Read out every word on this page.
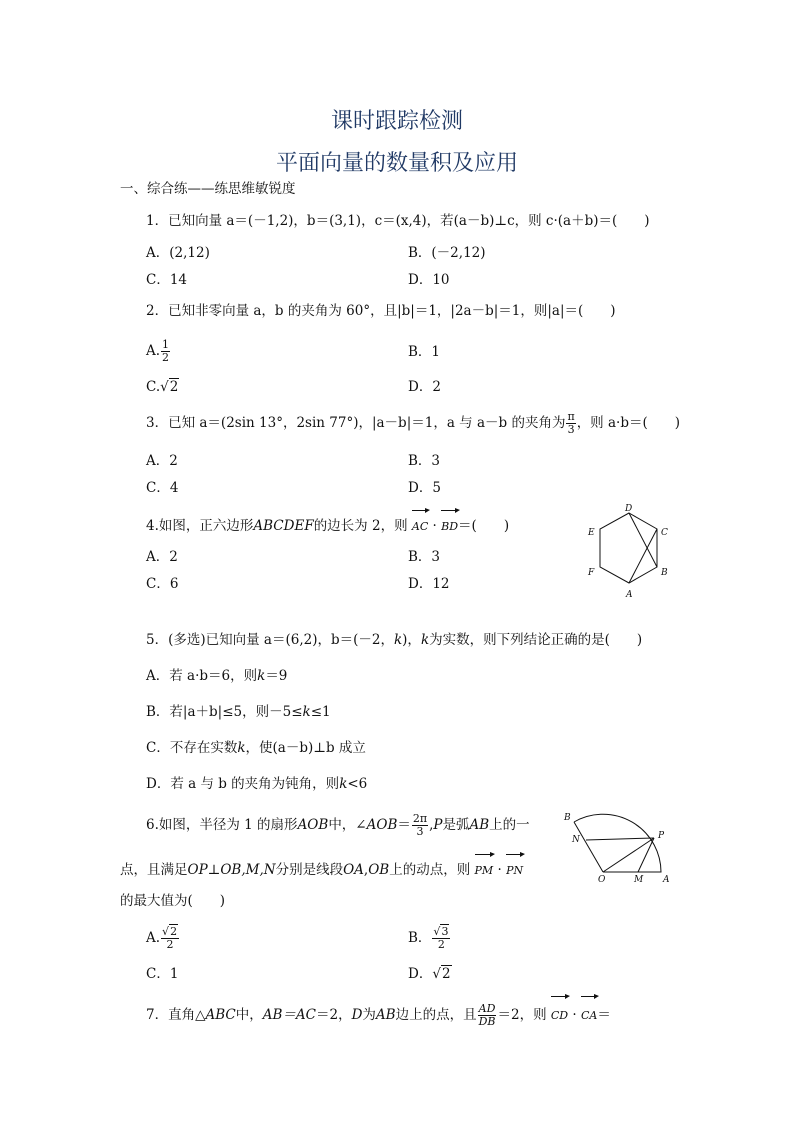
课时跟踪检测
平面向量的数量积及应用
一、综合练——练思维敏锐度
1．已知向量 a＝(－1,2)，b＝(3,1)，c＝(x,4)，若(a－b)⊥c，则 c·(a＋b)＝(　　)
A．(2,12)	B．(－2,12)
C．14	D．10
2．已知非零向量 a，b 的夹角为 60°，且|b|＝1，|2a－b|＝1，则|a|＝(　　)
A. $\frac{1}{2}$	B．1
C.√2	D．2
3．已知 a＝(2sin 13°，2sin 77°)，|a－b|＝1，a 与 a－b 的夹角为 $\frac{\pi}{3}$ ，则 a·b＝(　　)
A．2	B．3
C．4	D．5
4.如图，正六边形ABCDEF的边长为 2，则 AC · BD＝(　　)
A．2	B．3
C．6	D．12
A
B
C
D
E
F
5．(多选)已知向量 a＝(6,2)，b＝(－2，k)，k为实数，则下列结论正确的是(　　)
A．若 a·b＝6，则k＝9
B．若|a＋b|≤5，则－5≤k≤1
C．不存在实数k，使(a－b)⊥b 成立
D．若 a 与 b 的夹角为钝角，则k<6
6.如图，半径为 1 的扇形AOB中，∠AOB＝ $\frac{2\pi}{3} ,P$是弧AB上的一
点，且满足OP⊥OB,M,N分别是线段OA,OB上的动点，则 PM · PN
的最大值为(　　)
A. $\frac{√2}{2}$	B． $\frac{√3}{2}$
C．1	D．√2
B
N	P
O	M A
7．直角△ABC中，AB＝AC＝2，D为AB边上的点，且 $\frac{AD}{DB} =2$，则 CD · CA＝
